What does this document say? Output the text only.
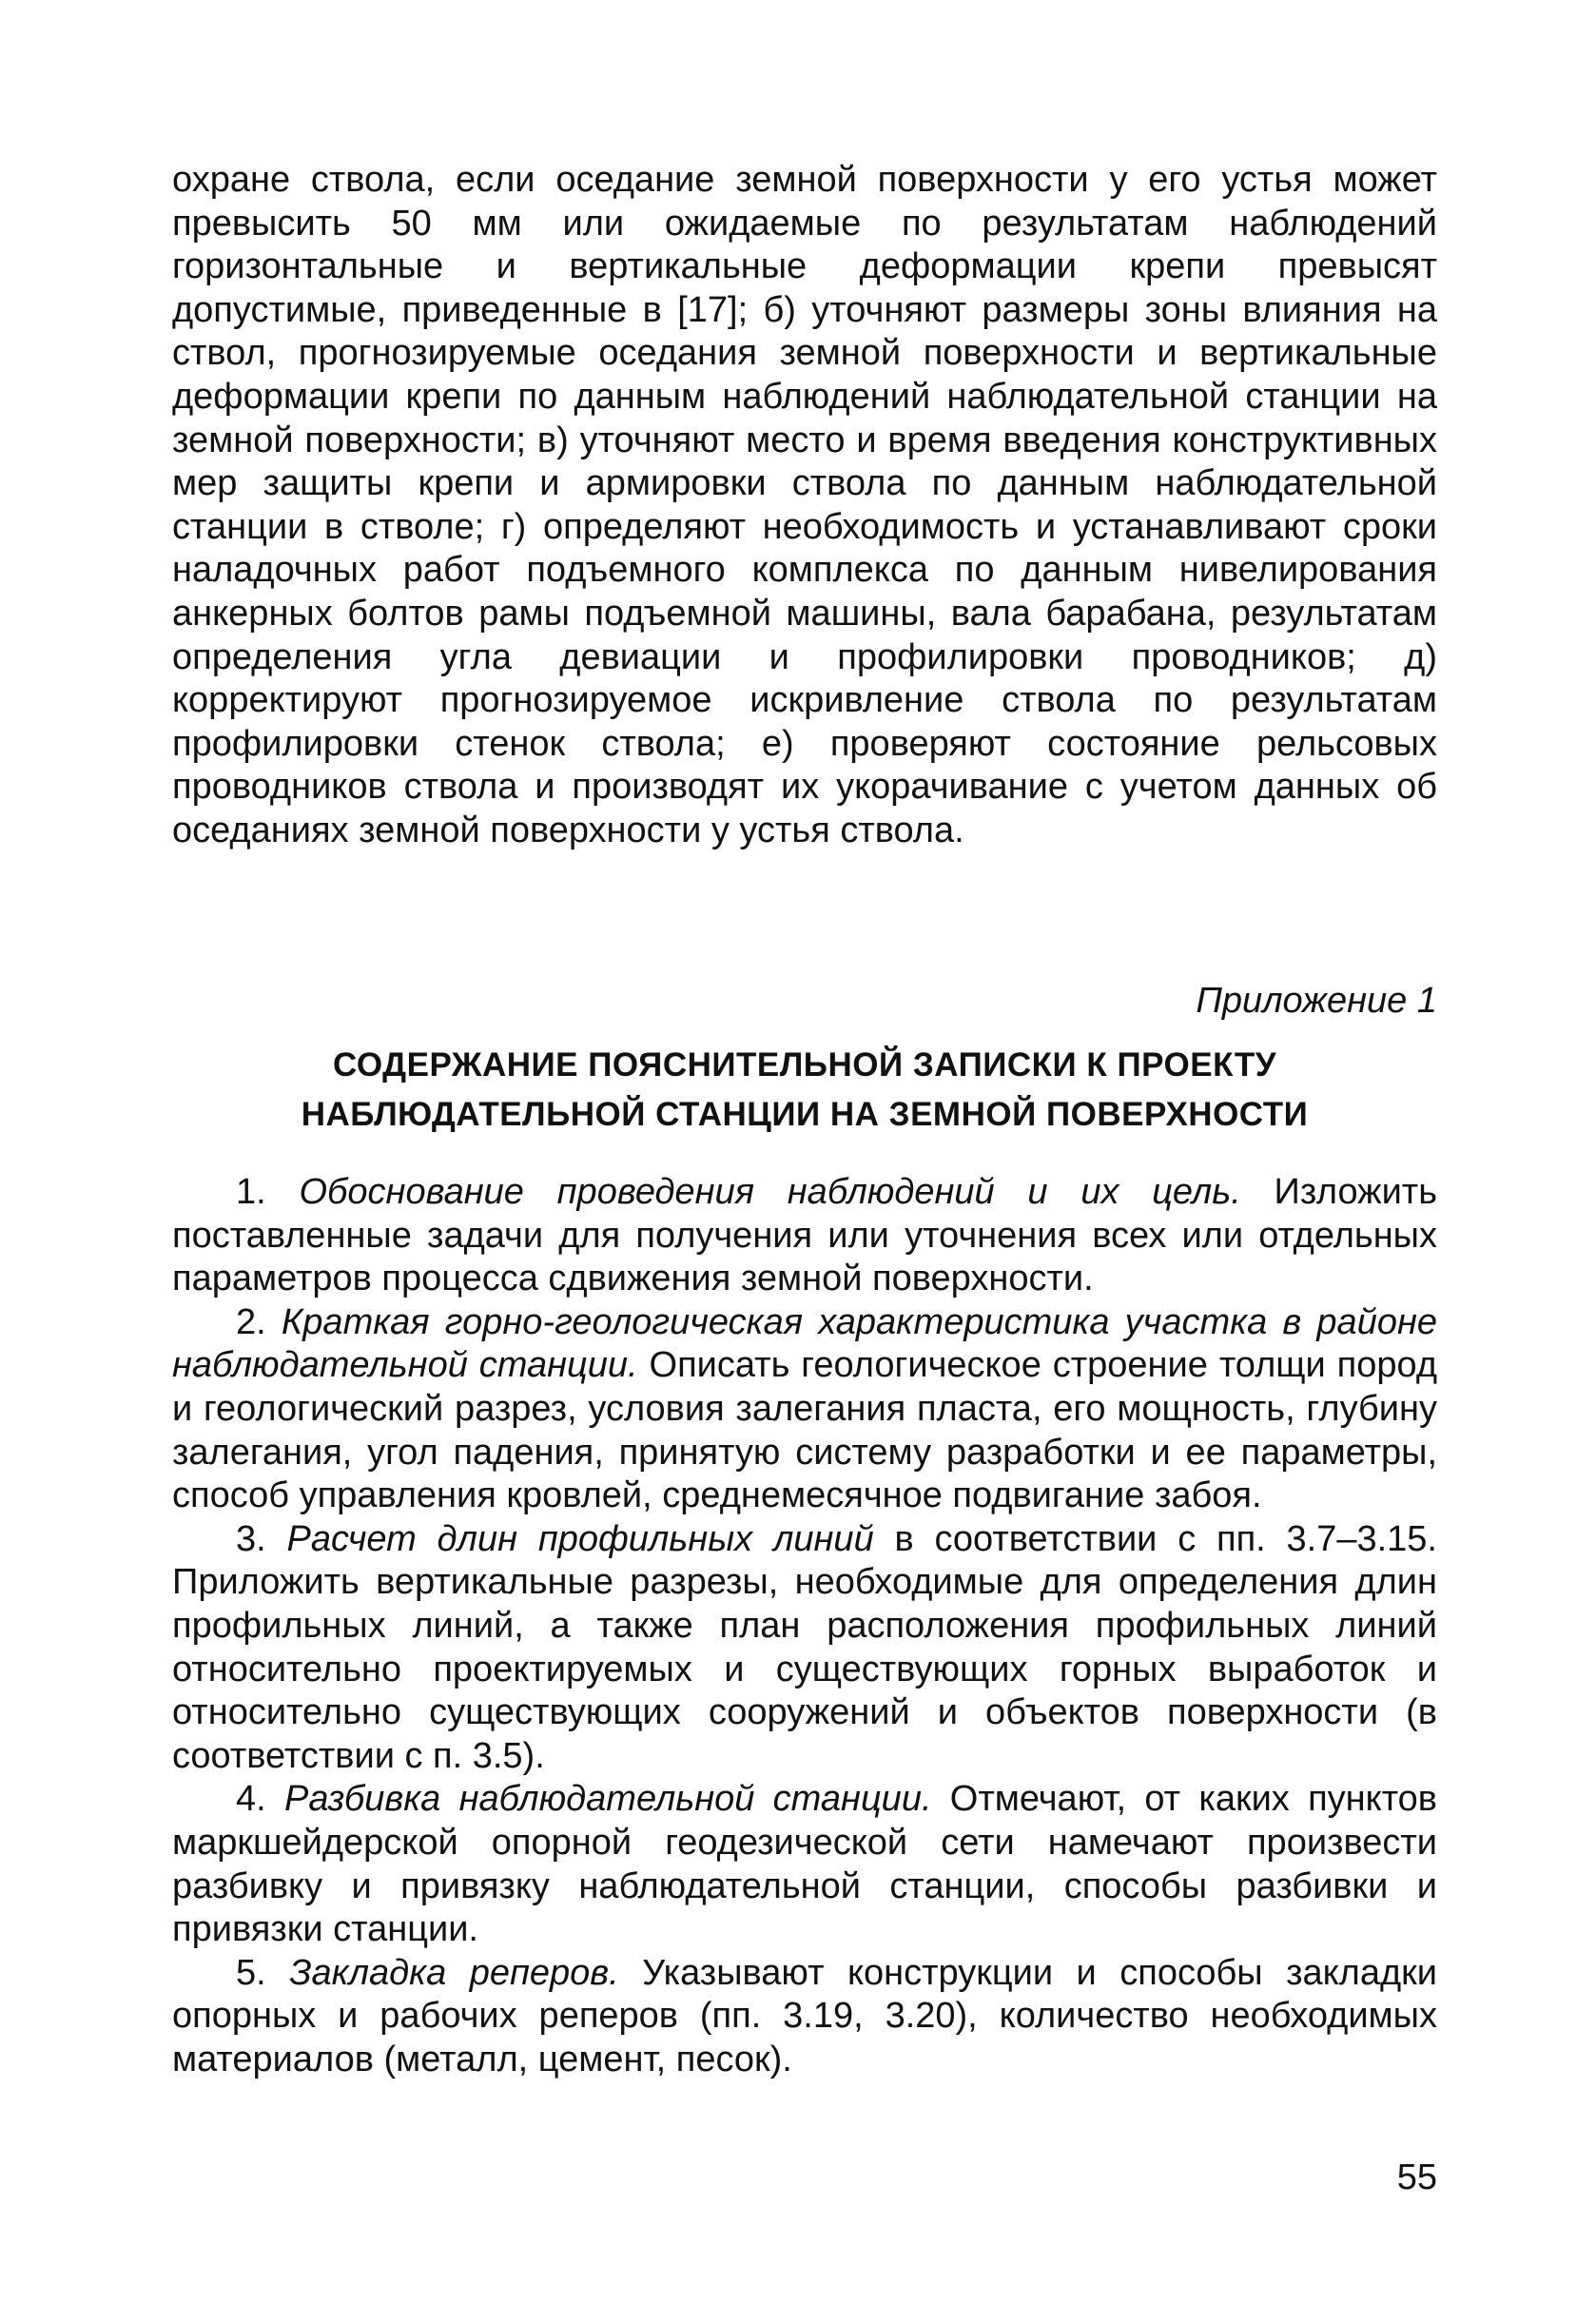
охране ствола, если оседание земной поверхности у его устья может превысить 50 мм или ожидаемые по результатам наблюдений горизонтальные и вертикальные деформации крепи превысят допустимые, приведенные в [17]; б) уточняют размеры зоны влияния на ствол, прогнозируемые оседания земной поверхности и вертикальные деформации крепи по данным наблюдений наблюдательной станции на земной поверхности; в) уточняют место и время введения конструктивных мер защиты крепи и армировки ствола по данным наблюдательной станции в стволе; г) определяют необходимость и устанавливают сроки наладочных работ подъемного комплекса по данным нивелирования анкерных болтов рамы подъемной машины, вала барабана, результатам определения угла девиации и профилировки проводников; д) корректируют прогнозируемое искривление ствола по результатам профилировки стенок ствола; е) проверяют состояние рельсовых проводников ствола и производят их укорачивание с учетом данных об оседаниях земной поверхности у устья ствола.

Приложение 1
СОДЕРЖАНИЕ ПОЯСНИТЕЛЬНОЙ ЗАПИСКИ К ПРОЕКТУ
НАБЛЮДАТЕЛЬНОЙ СТАНЦИИ НА ЗЕМНОЙ ПОВЕРХНОСТИ

1. Обоснование проведения наблюдений и их цель. Изложить поставленные задачи для получения или уточнения всех или отдельных параметров процесса сдвижения земной поверхности.

2. Краткая горно-геологическая характеристика участка в районе наблюдательной станции. Описать геологическое строение толщи пород и геологический разрез, условия залегания пласта, его мощность, глубину залегания, угол падения, принятую систему разработки и ее параметры, способ управления кровлей, среднемесячное подвигание забоя.

3. Расчет длин профильных линий в соответствии с пп. 3.7–3.15. Приложить вертикальные разрезы, необходимые для определения длин профильных линий, а также план расположения профильных линий относительно проектируемых и существующих горных выработок и относительно существующих сооружений и объектов поверхности (в соответствии с п. 3.5).

4. Разбивка наблюдательной станции. Отмечают, от каких пунктов маркшейдерской опорной геодезической сети намечают произвести разбивку и привязку наблюдательной станции, способы разбивки и привязки станции.

5. Закладка реперов. Указывают конструкции и способы закладки опорных и рабочих реперов (пп. 3.19, 3.20), количество необходимых материалов (металл, цемент, песок).

55
